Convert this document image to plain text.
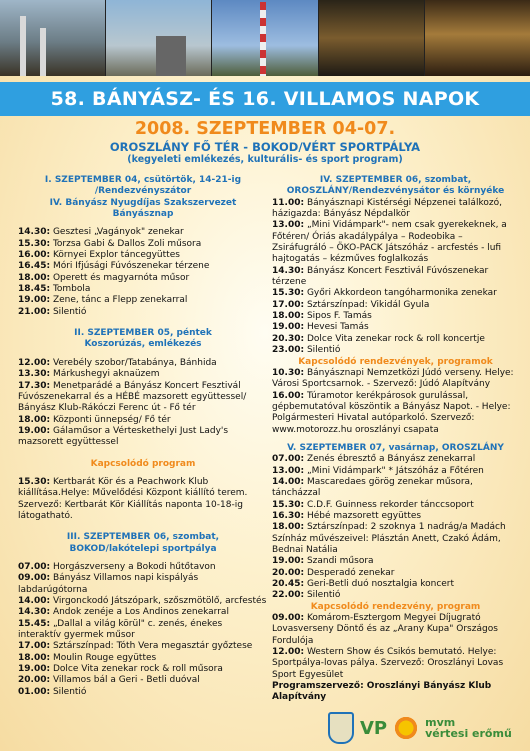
58. BÁNYÁSZ- ÉS 16. VILLAMOS NAPOK
2008. SZEPTEMBER 04-07.
OROSZLÁNY FŐ TÉR - BOKOD/VÉRT SPORTPÁLYA
(kegyeleti emlékezés, kulturális- és sport program)

I. SZEPTEMBER 04, csütörtök, 14-21-ig /Rendezvényszátor

IV. Bányász Nyugdíjas Szakszervezet Bányásznap

14.30: Gesztesi „Vagányok" zenekar

15.30: Torzsa Gabi & Dallos Zoli műsora

16.00: Környei Explor táncegyüttes

16.45: Móri Ifjúsági Fúvószenekar térzene

18.00: Operett és magyarnóta műsor

18.45: Tombola

19.00: Zene, tánc a Flepp zenekarral

21.00: Silentió

II. SZEPTEMBER 05, péntek

Koszorúzás, emlékezés

12.00: Verebély szobor/Tatabánya, Bánhida

13.30: Márkushegyi aknaüzem

17.30: Menetparádé a Bányász Koncert Fesztivál Fúvószenekarral és a HÉBÉ mazsorett együttessel/ Bányász Klub-Rákóczi Ferenc út - Fő tér

18.00: Központi ünnepség/ Fő tér

19.00: Gálaműsor a Vérteskethelyi Just Lady's mazsorett együttessel

Kapcsolódó program

15.30: Kertbarát Kör és a Peachwork Klub kiállítása.Helye: Művelődési Központ kiállító terem. Szervező: Kertbarát Kör Kiállítás naponta 10-18-ig látogatható.

III. SZEPTEMBER 06, szombat,

BOKOD/lakótelepi sportpálya

07.00: Horgászverseny a Bokodi hűtőtavon

09.00: Bányász Villamos napi kispályás labdarúgótorna

14.00: Virgonckodó Játszópark, szőszmötölő, arcfestés

14.30: Andok zenéje a Los Andinos zenekarral

15.45: „Dallal a világ körül" c. zenés, énekes interaktív gyermek műsor

17.00: Sztárszínpad: Tóth Vera megasztár győztese

18.00: Moulin Rouge együttes

19.00: Dolce Vita zenekar rock & roll műsora

20.00: Villamos bál a Geri - Betli duóval

01.00: Silentió

IV. SZEPTEMBER 06, szombat, OROSZLÁNY/Rendezvénysátor és környéke

11.00: Bányásznapi Kistérségi Népzenei találkozó, házigazda: Bányász Népdalkör

13.00: „Mini Vidámpark"- nem csak gyerekeknek, a Főtéren/ Óriás akadálypálya – Rodeobika – Zsiráfugráló – ÖKO-PACK Játszóház - arcfestés - lufi hajtogatás – kézműves foglalkozás

14.30: Bányász Koncert Fesztivál Fúvószenekar térzene

15.30: Győri Akkordeon tangóharmonika zenekar

17.00: Sztárszínpad: Vikidál Gyula

18.00: Sipos F. Tamás

19.00: Hevesi Tamás

20.30: Dolce Vita zenekar rock & roll koncertje

23.00: Silentió

Kapcsolódó rendezvények, programok

10.30: Bányásznapi Nemzetközi Júdó verseny. Helye: Városi Sportcsarnok. - Szervező: Júdó Alapítvány

16.00: Túramotor kerékpárosok gurulással, gépbemutatóval köszöntik a Bányász Napot. - Helye: Polgármesteri Hivatal autóparkoló. Szervező: www.motorozz.hu oroszlányi csapata

V. SZEPTEMBER 07, vasárnap, OROSZLÁNY

07.00: Zenés ébresztő a Bányász zenekarral

13.00: „Mini Vidámpark" * Játszóház a Főtéren

14.00: Mascaredaes görög zenekar műsora, táncházzal

15.30: C.D.F. Guinness rekorder tánccsoport

16.30: Hébé mazsorett együttes

18.00: Sztárszínpad: 2 szoknya 1 nadrág/a Madách Színház művészeivel: Plásztán Anett, Czakó Ádám, Bednai Natália

19.00: Szandi műsora

20.00: Desperadó zenekar

20.45: Geri-Betli duó nosztalgia koncert

22.00: Silentió

Kapcsolódó rendezvény, program

09.00: Komárom-Esztergom Megyei Díjugrató Lovasverseny Döntő és az „Arany Kupa" Országos Fordulója

12.00: Western Show és Csikós bemutató. Helye: Sportpálya-lovas pálya. Szervező: Oroszlányi Lovas Sport Egyesület

Programszervező: Oroszlányi Bányász Klub Alapítvány

VP	mvm
vértesi erőmű
